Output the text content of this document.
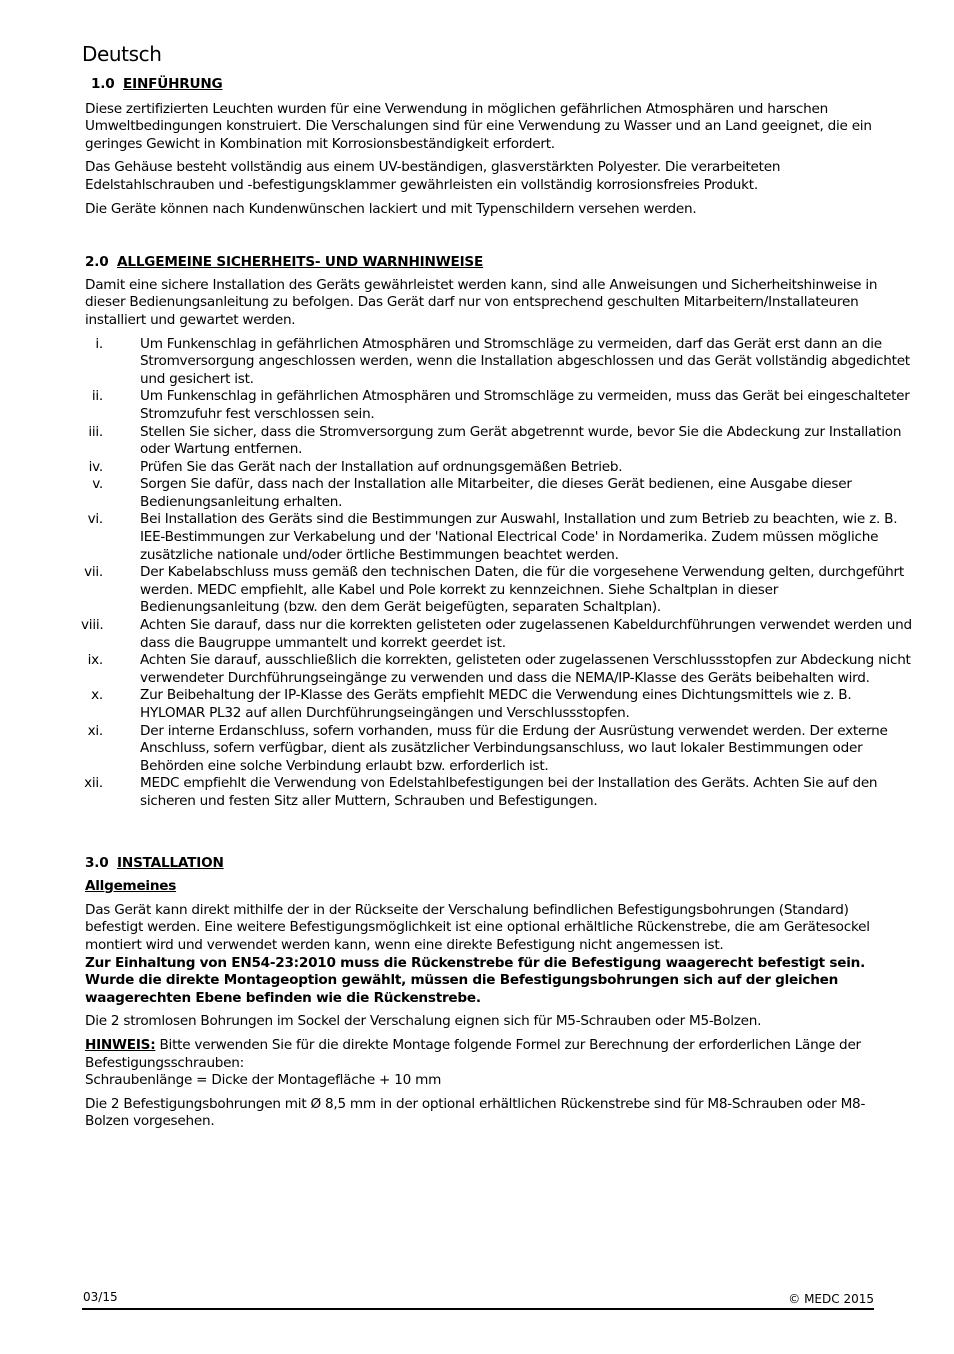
Deutsch
1.0 EINFÜHRUNG

Diese zertifizierten Leuchten wurden für eine Verwendung in möglichen gefährlichen Atmosphären und harschen Umweltbedingungen konstruiert. Die Verschalungen sind für eine Verwendung zu Wasser und an Land geeignet, die ein geringes Gewicht in Kombination mit Korrosionsbeständigkeit erfordert.

Das Gehäuse besteht vollständig aus einem UV-beständigen, glasverstärkten Polyester. Die verarbeiteten Edelstahlschrauben und -befestigungsklammer gewährleisten ein vollständig korrosionsfreies Produkt.

Die Geräte können nach Kundenwünschen lackiert und mit Typenschildern versehen werden.

2.0 ALLGEMEINE SICHERHEITS- UND WARNHINWEISE

Damit eine sichere Installation des Geräts gewährleistet werden kann, sind alle Anweisungen und Sicherheitshinweise in dieser Bedienungsanleitung zu befolgen. Das Gerät darf nur von entsprechend geschulten Mitarbeitern/Installateuren installiert und gewartet werden.

i.	Um Funkenschlag in gefährlichen Atmosphären und Stromschläge zu vermeiden, darf das Gerät erst dann an die Stromversorgung angeschlossen werden, wenn die Installation abgeschlossen und das Gerät vollständig abgedichtet und gesichert ist.
ii.	Um Funkenschlag in gefährlichen Atmosphären und Stromschläge zu vermeiden, muss das Gerät bei eingeschalteter Stromzufuhr fest verschlossen sein.
iii.	Stellen Sie sicher, dass die Stromversorgung zum Gerät abgetrennt wurde, bevor Sie die Abdeckung zur Installation oder Wartung entfernen.
iv.	Prüfen Sie das Gerät nach der Installation auf ordnungsgemäßen Betrieb.
v.	Sorgen Sie dafür, dass nach der Installation alle Mitarbeiter, die dieses Gerät bedienen, eine Ausgabe dieser Bedienungsanleitung erhalten.
vi.	Bei Installation des Geräts sind die Bestimmungen zur Auswahl, Installation und zum Betrieb zu beachten, wie z. B. IEE-Bestimmungen zur Verkabelung und der 'National Electrical Code' in Nordamerika. Zudem müssen mögliche zusätzliche nationale und/oder örtliche Bestimmungen beachtet werden.
vii.	Der Kabelabschluss muss gemäß den technischen Daten, die für die vorgesehene Verwendung gelten, durchgeführt werden. MEDC empfiehlt, alle Kabel und Pole korrekt zu kennzeichnen. Siehe Schaltplan in dieser Bedienungsanleitung (bzw. den dem Gerät beigefügten, separaten Schaltplan).
viii.	Achten Sie darauf, dass nur die korrekten gelisteten oder zugelassenen Kabeldurchführungen verwendet werden und dass die Baugruppe ummantelt und korrekt geerdet ist.
ix.	Achten Sie darauf, ausschließlich die korrekten, gelisteten oder zugelassenen Verschlussstopfen zur Abdeckung nicht verwendeter Durchführungseingänge zu verwenden und dass die NEMA/IP-Klasse des Geräts beibehalten wird.
x.	Zur Beibehaltung der IP-Klasse des Geräts empfiehlt MEDC die Verwendung eines Dichtungsmittels wie z. B. HYLOMAR PL32 auf allen Durchführungseingängen und Verschlussstopfen.
xi.	Der interne Erdanschluss, sofern vorhanden, muss für die Erdung der Ausrüstung verwendet werden. Der externe Anschluss, sofern verfügbar, dient als zusätzlicher Verbindungsanschluss, wo laut lokaler Bestimmungen oder Behörden eine solche Verbindung erlaubt bzw. erforderlich ist.
xii.	MEDC empfiehlt die Verwendung von Edelstahlbefestigungen bei der Installation des Geräts. Achten Sie auf den sicheren und festen Sitz aller Muttern, Schrauben und Befestigungen.
3.0 INSTALLATION
Allgemeines

Das Gerät kann direkt mithilfe der in der Rückseite der Verschalung befindlichen Befestigungsbohrungen (Standard) befestigt werden. Eine weitere Befestigungsmöglichkeit ist eine optional erhältliche Rückenstrebe, die am Gerätesockel montiert wird und verwendet werden kann, wenn eine direkte Befestigung nicht angemessen ist.
Zur Einhaltung von EN54-23:2010 muss die Rückenstrebe für die Befestigung waagerecht befestigt sein. Wurde die direkte Montageoption gewählt, müssen die Befestigungsbohrungen sich auf der gleichen waagerechten Ebene befinden wie die Rückenstrebe.

Die 2 stromlosen Bohrungen im Sockel der Verschalung eignen sich für M5-Schrauben oder M5-Bolzen.

HINWEIS: Bitte verwenden Sie für die direkte Montage folgende Formel zur Berechnung der erforderlichen Länge der Befestigungsschrauben:
Schraubenlänge = Dicke der Montagefläche + 10 mm

Die 2 Befestigungsbohrungen mit Ø 8,5 mm in der optional erhältlichen Rückenstrebe sind für M8-Schrauben oder M8-Bolzen vorgesehen.

03/15	© MEDC 2015
